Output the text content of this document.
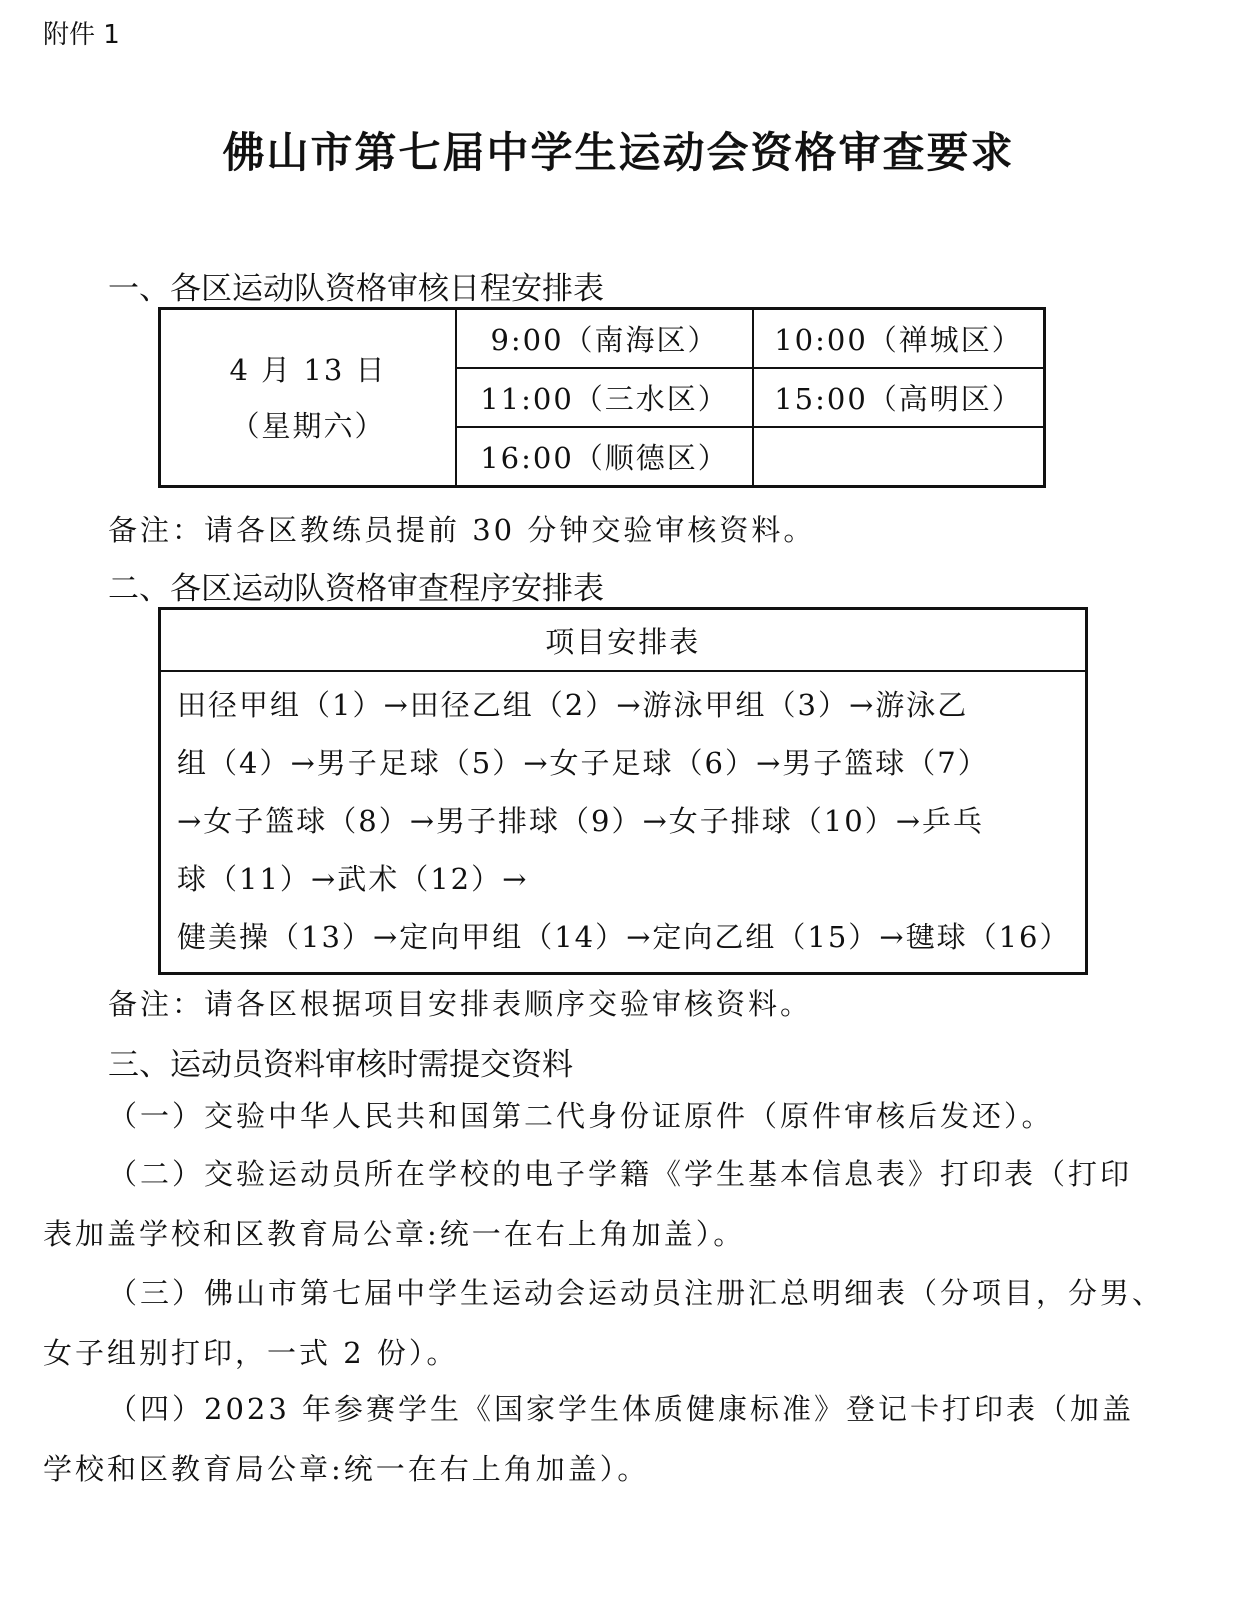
附件 1
佛山市第七届中学生运动会资格审查要求
一、各区运动队资格审核日程安排表
4 月 13 日
（星期六）	9:00（南海区）	10:00（禅城区）
	11:00（三水区）	15:00（高明区）
	16:00（顺德区）	
备注：请各区教练员提前 30 分钟交验审核资料。
二、各区运动队资格审查程序安排表
项目安排表

田径甲组（1）→田径乙组（2）→游泳甲组（3）→游泳乙
组（4）→男子足球（5）→女子足球（6）→男子篮球（7）
→女子篮球（8）→男子排球（9）→女子排球（10）→乒乓
球（11）→武术（12）→
健美操（13）→定向甲组（14）→定向乙组（15）→毽球（16）
备注：请各区根据项目安排表顺序交验审核资料。
三、运动员资料审核时需提交资料
（一）交验中华人民共和国第二代身份证原件（原件审核后发还）。
（二）交验运动员所在学校的电子学籍《学生基本信息表》打印表（打印
表加盖学校和区教育局公章:统一在右上角加盖）。
（三）佛山市第七届中学生运动会运动员注册汇总明细表（分项目，分男、
女子组别打印，一式 2 份）。
（四）2023 年参赛学生《国家学生体质健康标准》登记卡打印表（加盖
学校和区教育局公章:统一在右上角加盖）。
